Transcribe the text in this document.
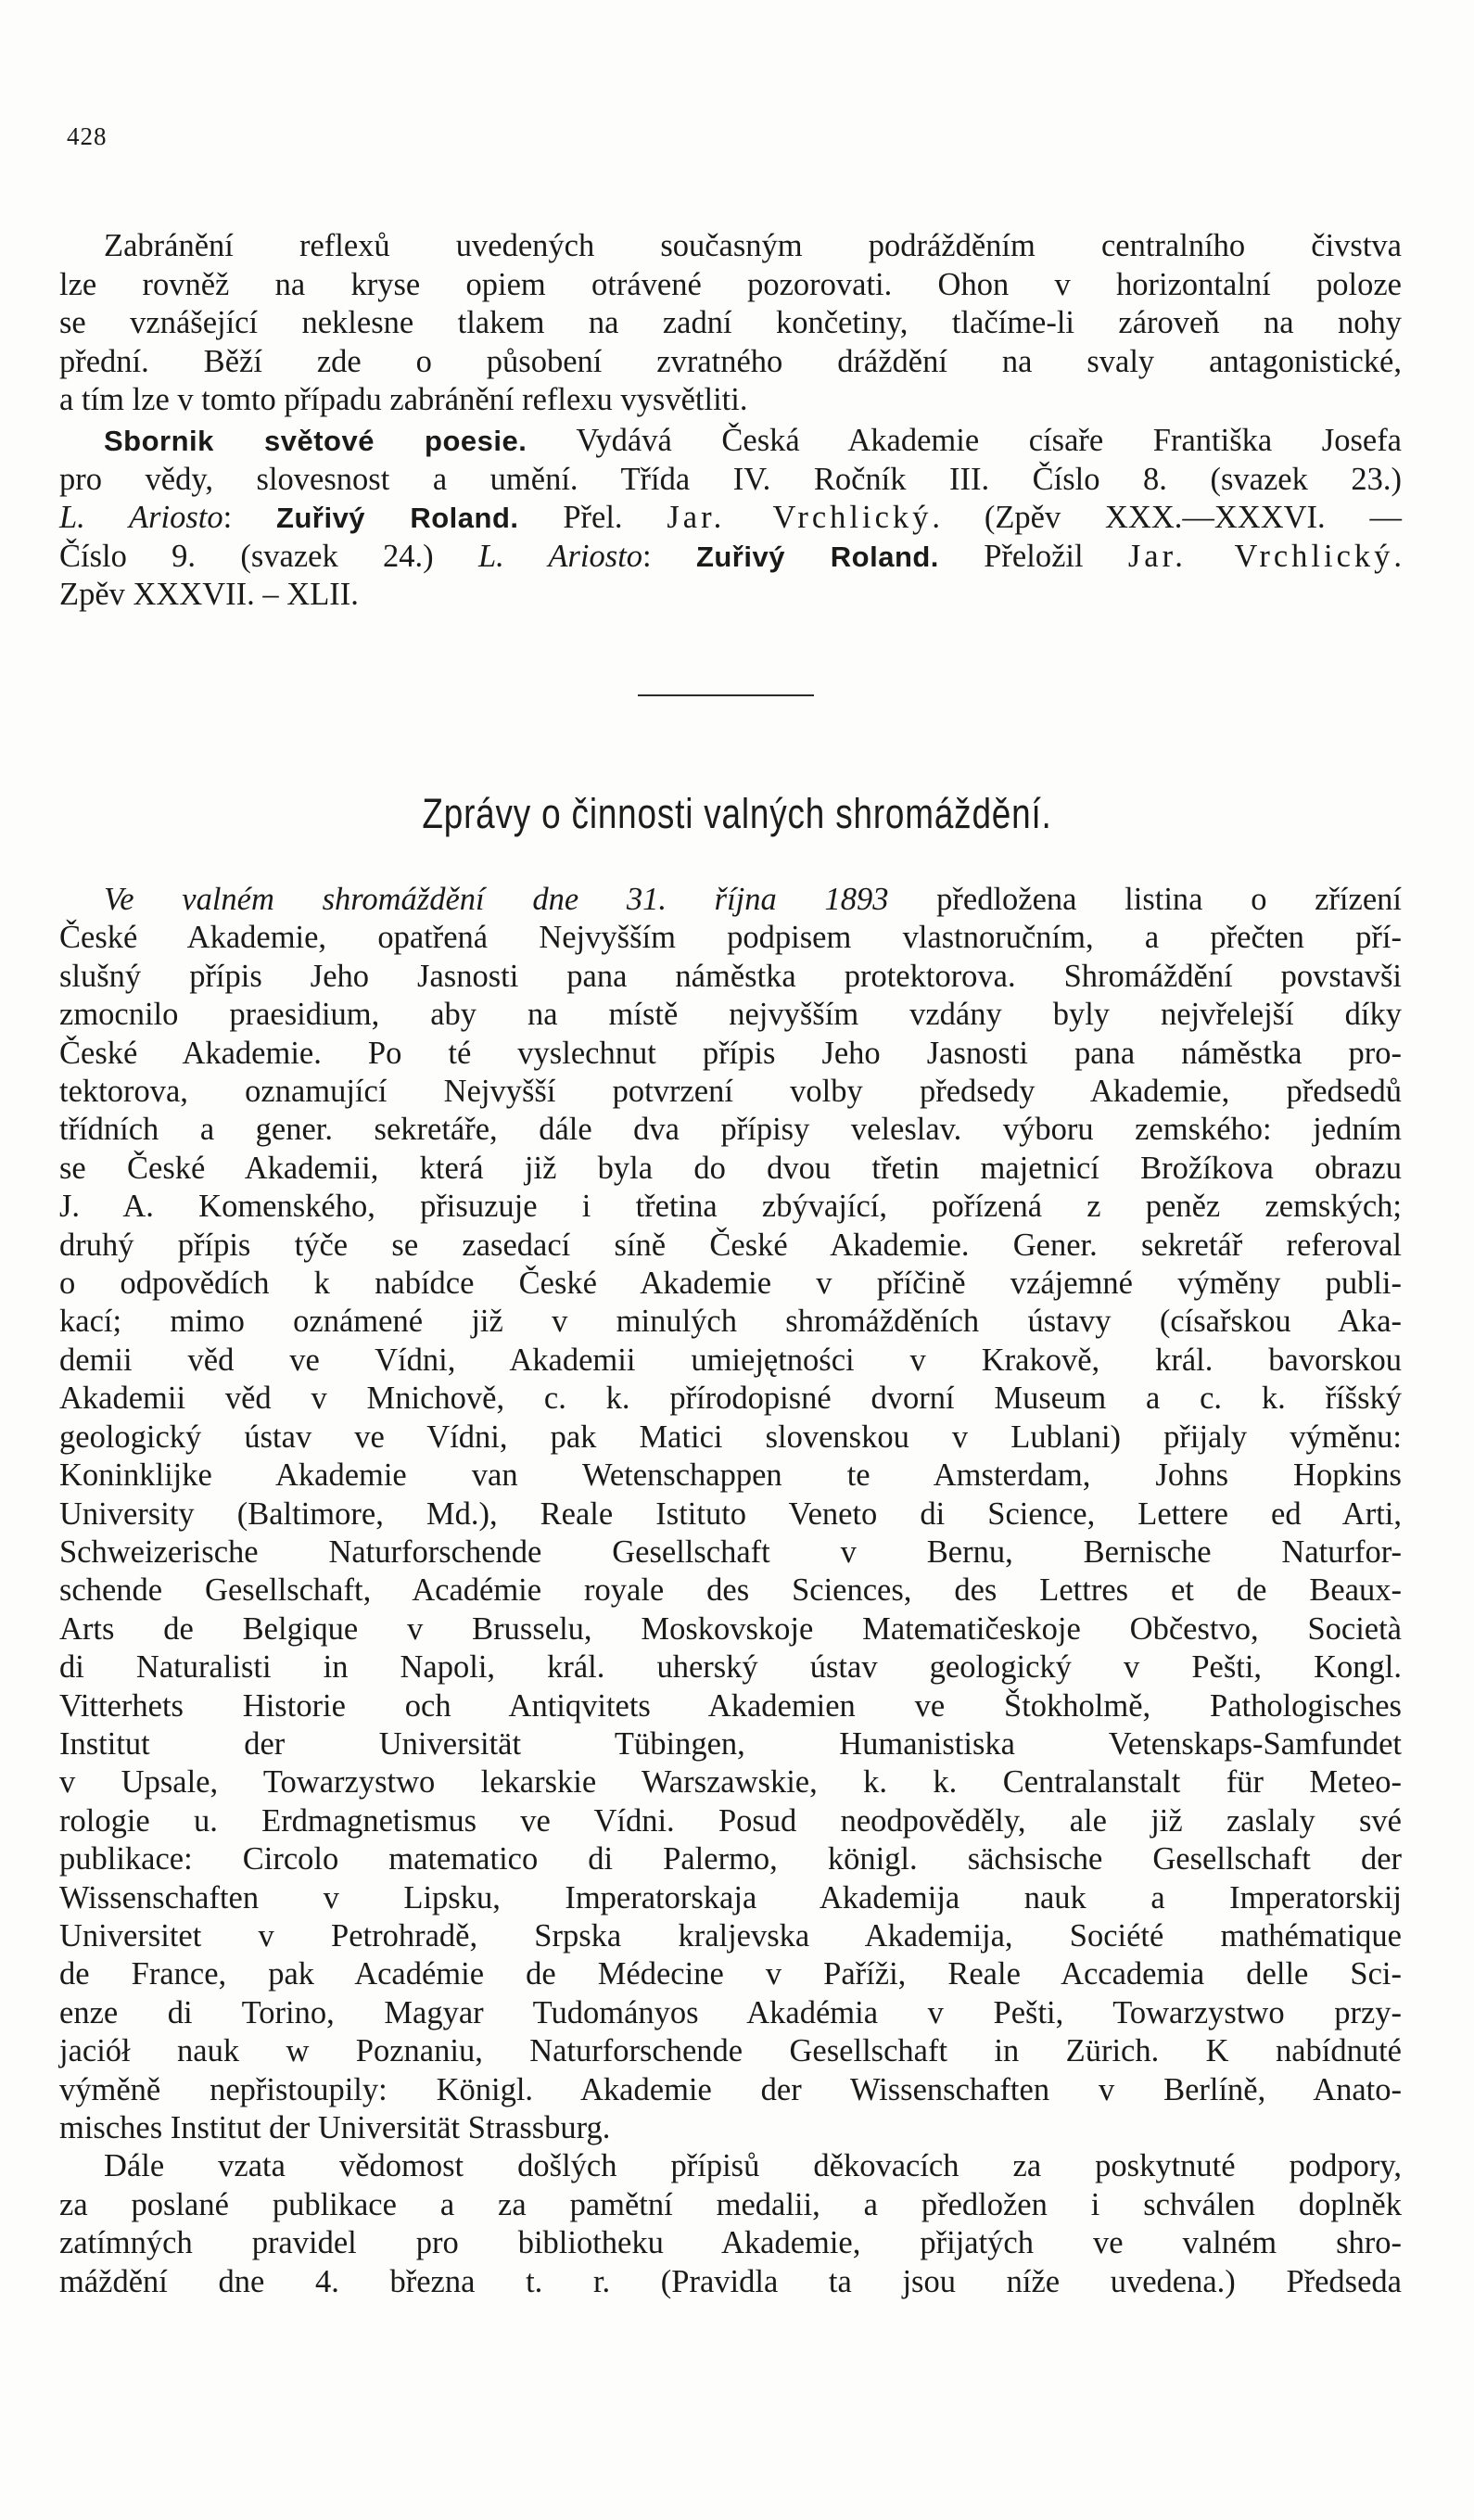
428
Zabránění reflexů uvedených současným podrážděním centralního čivstva
lze rovněž na kryse opiem otrávené pozorovati. Ohon v horizontalní poloze
se vznášející neklesne tlakem na zadní končetiny, tlačíme-li zároveň na nohy
přední. Běží zde o působení zvratného dráždění na svaly antagonistické,
a tím lze v tomto případu zabránění reflexu vysvětliti.
Sbornik světové poesie. Vydává Česká Akademie císaře Františka Josefa
pro vědy, slovesnost a umění. Třída IV. Ročník III. Číslo 8. (svazek 23.)
L. Ariosto: Zuřivý Roland. Přel. Jar. Vrchlický. (Zpěv XXX.—XXXVI. —
Číslo 9. (svazek 24.) L. Ariosto: Zuřivý Roland. Přeložil Jar. Vrchlický.
Zpěv XXXVII. – XLII.
Zprávy o činnosti valných shromáždění.
Ve valném shromáždění dne 31. října 1893 předložena listina o zřízení
České Akademie, opatřená Nejvyšším podpisem vlastnoručním, a přečten pří-
slušný přípis Jeho Jasnosti pana náměstka protektorova. Shromáždění povstavši
zmocnilo praesidium, aby na místě nejvyšším vzdány byly nejvřelejší díky
České Akademie. Po té vyslechnut přípis Jeho Jasnosti pana náměstka pro-
tektorova, oznamující Nejvyšší potvrzení volby předsedy Akademie, předsedů
třídních a gener. sekretáře, dále dva přípisy veleslav. výboru zemského: jedním
se České Akademii, která již byla do dvou třetin majetnicí Brožíkova obrazu
J. A. Komenského, přisuzuje i třetina zbývající, pořízená z peněz zemských;
druhý přípis týče se zasedací síně České Akademie. Gener. sekretář referoval
o odpovědích k nabídce České Akademie v příčině vzájemné výměny publi-
kací; mimo oznámené již v minulých shromážděních ústavy (císařskou Aka-
demii věd ve Vídni, Akademii umiejętności v Krakově, král. bavorskou
Akademii věd v Mnichově, c. k. přírodopisné dvorní Museum a c. k. říšský
geologický ústav ve Vídni, pak Matici slovenskou v Lublani) přijaly výměnu:
Koninklijke Akademie van Wetenschappen te Amsterdam, Johns Hopkins
University (Baltimore, Md.), Reale Istituto Veneto di Science, Lettere ed Arti,
Schweizerische Naturforschende Gesellschaft v Bernu, Bernische Naturfor-
schende Gesellschaft, Académie royale des Sciences, des Lettres et de Beaux-
Arts de Belgique v Brusselu, Moskovskoje Matematičeskoje Občestvo, Società
di Naturalisti in Napoli, král. uherský ústav geologický v Pešti, Kongl.
Vitterhets Historie och Antiqvitets Akademien ve Štokholmě, Pathologisches
Institut der Universität Tübingen, Humanistiska Vetenskaps-Samfundet
v Upsale, Towarzystwo lekarskie Warszawskie, k. k. Centralanstalt für Meteo-
rologie u. Erdmagnetismus ve Vídni. Posud neodpověděly, ale již zaslaly své
publikace: Circolo matematico di Palermo, königl. sächsische Gesellschaft der
Wissenschaften v Lipsku, Imperatorskaja Akademija nauk a Imperatorskij
Universitet v Petrohradě, Srpska kraljevska Akademija, Société mathématique
de France, pak Académie de Médecine v Paříži, Reale Accademia delle Sci-
enze di Torino, Magyar Tudományos Akadémia v Pešti, Towarzystwo przy-
jaciół nauk w Poznaniu, Naturforschende Gesellschaft in Zürich. K nabídnuté
výměně nepřistoupily: Königl. Akademie der Wissenschaften v Berlíně, Anato-
misches Institut der Universität Strassburg.
Dále vzata vědomost došlých přípisů děkovacích za poskytnuté podpory,
za poslané publikace a za pamětní medalii, a předložen i schválen doplněk
zatímných pravidel pro bibliotheku Akademie, přijatých ve valném shro-
máždění dne 4. března t. r. (Pravidla ta jsou níže uvedena.) Předseda
